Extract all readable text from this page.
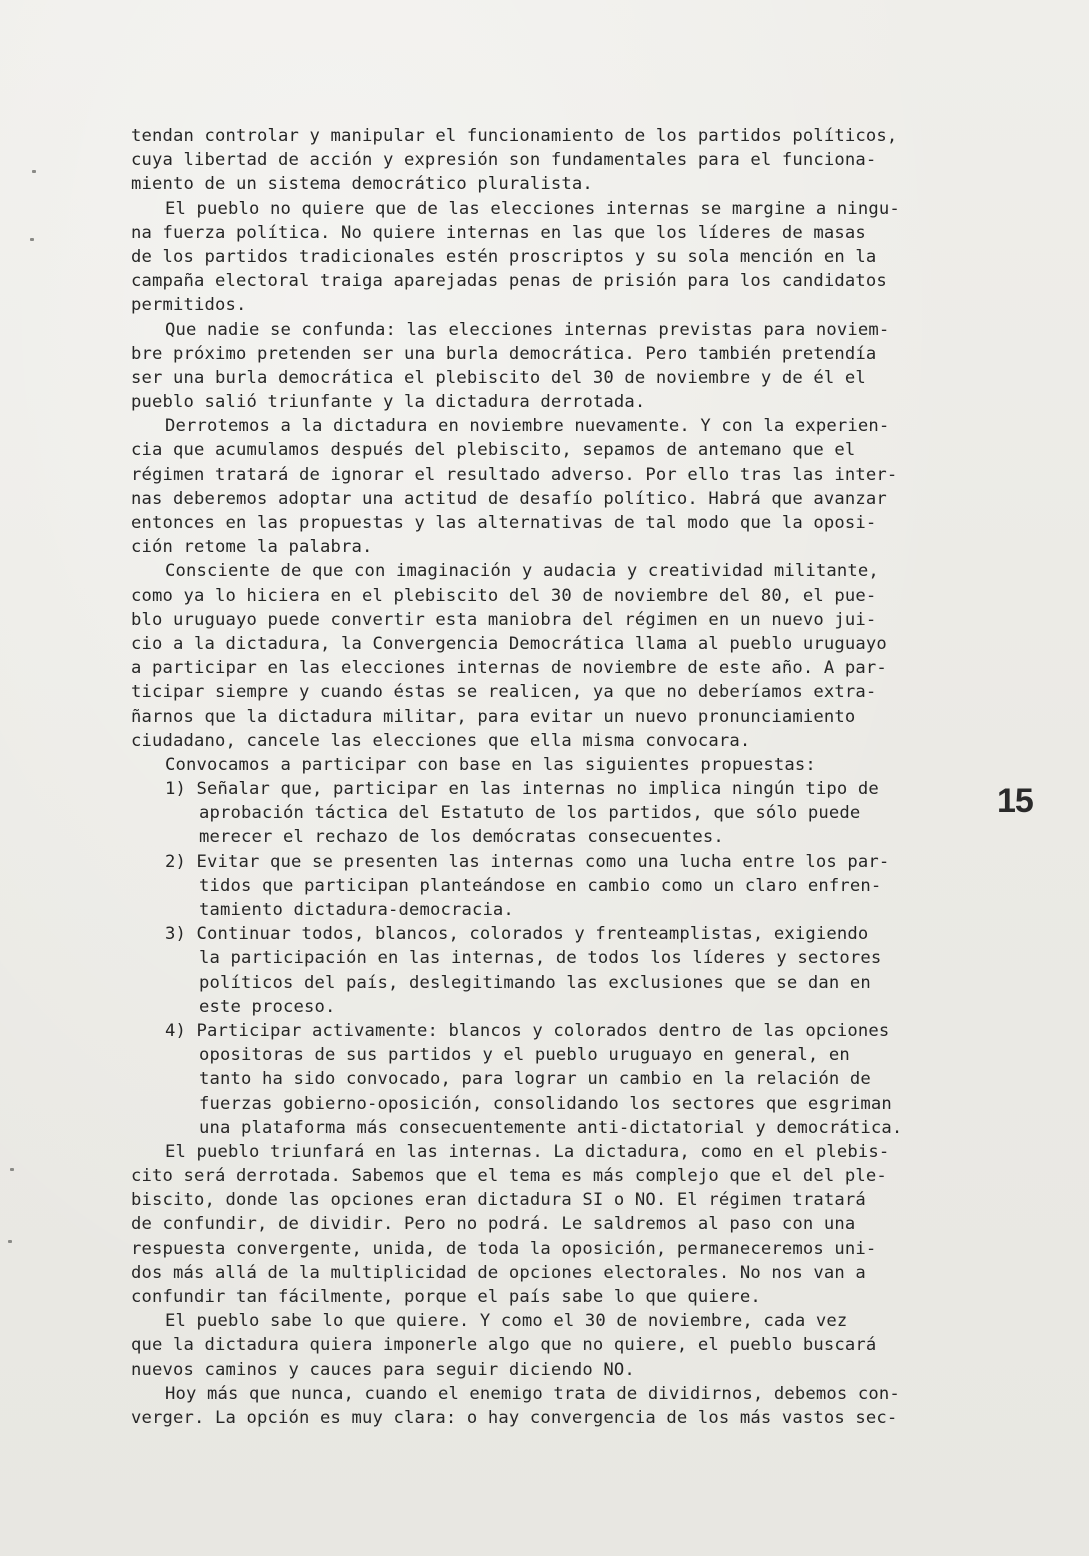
tendan controlar y manipular el funcionamiento de los partidos políticos,
cuya libertad de acción y expresión son fundamentales para el funciona-
miento de un sistema democrático pluralista.
El pueblo no quiere que de las elecciones internas se margine a ningu-
na fuerza política. No quiere internas en las que los líderes de masas
de los partidos tradicionales estén proscriptos y su sola mención en la
campaña electoral traiga aparejadas penas de prisión para los candidatos
permitidos.
Que nadie se confunda: las elecciones internas previstas para noviem-
bre próximo pretenden ser una burla democrática. Pero también pretendía
ser una burla democrática el plebiscito del 30 de noviembre y de él el
pueblo salió triunfante y la dictadura derrotada.
Derrotemos a la dictadura en noviembre nuevamente. Y con la experien-
cia que acumulamos después del plebiscito, sepamos de antemano que el
régimen tratará de ignorar el resultado adverso. Por ello tras las inter-
nas deberemos adoptar una actitud de desafío político. Habrá que avanzar
entonces en las propuestas y las alternativas de tal modo que la oposi-
ción retome la palabra.
Consciente de que con imaginación y audacia y creatividad militante,
como ya lo hiciera en el plebiscito del 30 de noviembre del 80, el pue-
blo uruguayo puede convertir esta maniobra del régimen en un nuevo jui-
cio a la dictadura, la Convergencia Democrática llama al pueblo uruguayo
a participar en las elecciones internas de noviembre de este año. A par-
ticipar siempre y cuando éstas se realicen, ya que no deberíamos extra-
ñarnos que la dictadura militar, para evitar un nuevo pronunciamiento
ciudadano, cancele las elecciones que ella misma convocara.
Convocamos a participar con base en las siguientes propuestas:
1) Señalar que, participar en las internas no implica ningún tipo de
aprobación táctica del Estatuto de los partidos, que sólo puede
merecer el rechazo de los demócratas consecuentes.
2) Evitar que se presenten las internas como una lucha entre los par-
tidos que participan planteándose en cambio como un claro enfren-
tamiento dictadura-democracia.
3) Continuar todos, blancos, colorados y frenteamplistas, exigiendo
la participación en las internas, de todos los líderes y sectores
políticos del país, deslegitimando las exclusiones que se dan en
este proceso.
4) Participar activamente: blancos y colorados dentro de las opciones
opositoras de sus partidos y el pueblo uruguayo en general, en
tanto ha sido convocado, para lograr un cambio en la relación de
fuerzas gobierno-oposición, consolidando los sectores que esgriman
una plataforma más consecuentemente anti-dictatorial y democrática.
El pueblo triunfará en las internas. La dictadura, como en el plebis-
cito será derrotada. Sabemos que el tema es más complejo que el del ple-
biscito, donde las opciones eran dictadura SI o NO. El régimen tratará
de confundir, de dividir. Pero no podrá. Le saldremos al paso con una
respuesta convergente, unida, de toda la oposición, permaneceremos uni-
dos más allá de la multiplicidad de opciones electorales. No nos van a
confundir tan fácilmente, porque el país sabe lo que quiere.
El pueblo sabe lo que quiere. Y como el 30 de noviembre, cada vez
que la dictadura quiera imponerle algo que no quiere, el pueblo buscará
nuevos caminos y cauces para seguir diciendo NO.
Hoy más que nunca, cuando el enemigo trata de dividirnos, debemos con-
verger. La opción es muy clara: o hay convergencia de los más vastos sec-
15
